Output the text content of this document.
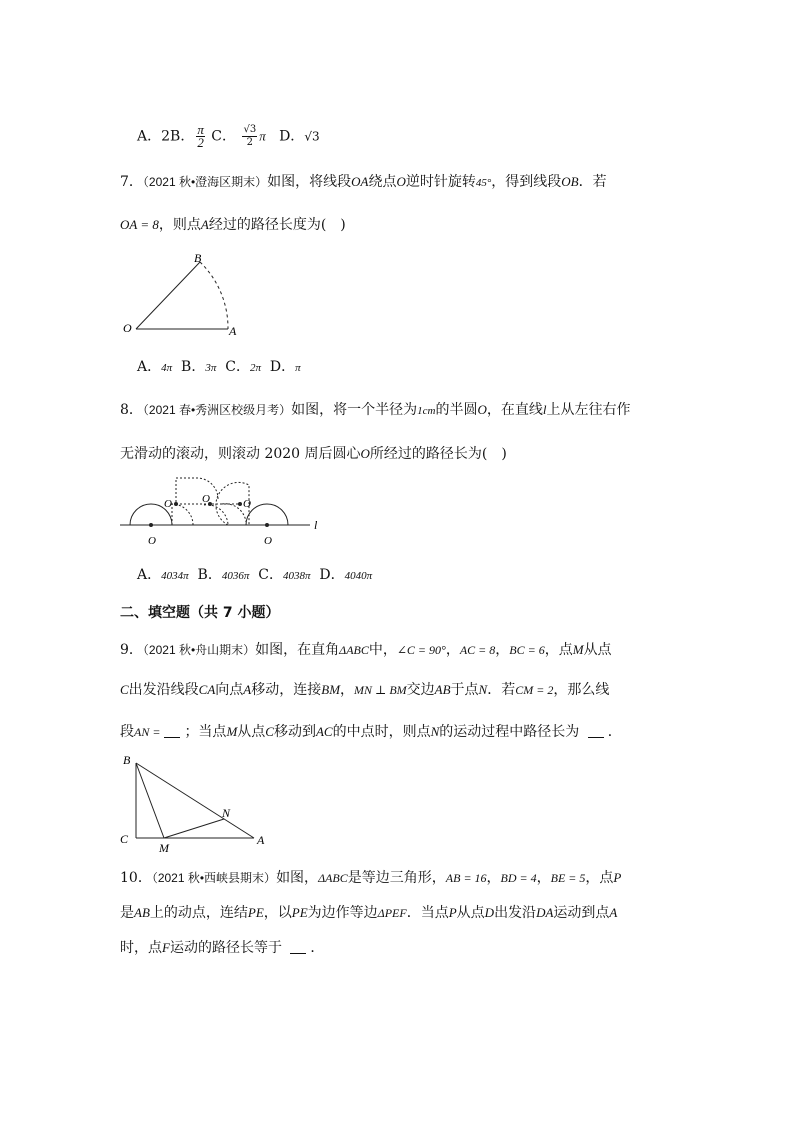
A．2B． $\frac{\pi}{2}$ C． $\frac{√3}{2}$ π D．√3
7．（2021 秋•澄海区期末）如图，将线段OA绕点O逆时针旋转45°，得到线段OB．若
OA = 8，则点A经过的路径长度为(　)
B
O	A
A．4π B．3π C．2π D．π
8．（2021 春•秀洲区校级月考）如图，将一个半径为1cm的半圆O，在直线l上从左往右作
无滑动的滚动，则滚动 2020 周后圆心O所经过的路径长为(　)
O	O
O	O	O
l
A．4034π B．4036π C．4038π D．4040π
二、填空题（共 7 小题）
9．（2021 秋•舟山期末）如图，在直角ΔABC中，∠C = 90°，AC = 8，BC = 6，点M从点
C出发沿线段CA向点A移动，连接BM，MN ⊥ BM交边AB于点N．若CM = 2，那么线
段AN = ；当点M从点C移动到AC的中点时，则点N的运动过程中路径长为 ．
B
C
M
N
A
10．（2021 秋•西峡县期末）如图，ΔABC是等边三角形，AB = 16，BD = 4，BE = 5，点P
是AB上的动点，连结PE，以PE为边作等边ΔPEF．当点P从点D出发沿DA运动到点A
时，点F运动的路径长等于 ．
